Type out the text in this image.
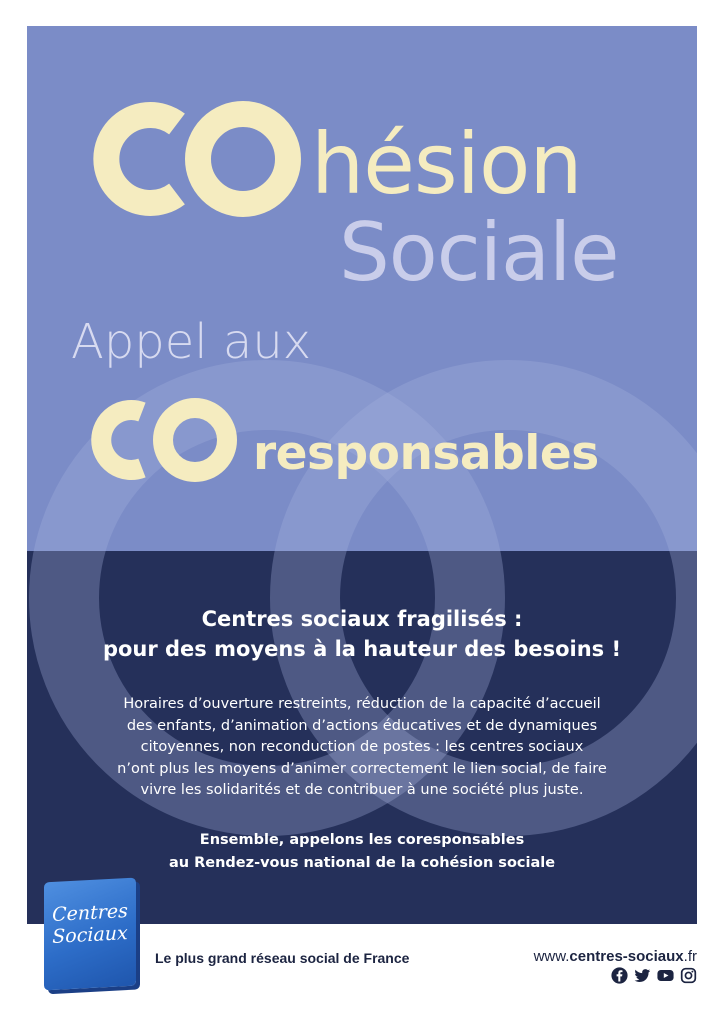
hésion
Sociale
Appel aux
responsables
Centres sociaux fragilisés :
pour des moyens à la hauteur des besoins !
Horaires d’ouverture restreints, réduction de la capacité d’accueil
des enfants, d’animation d’actions éducatives et de dynamiques
citoyennes, non reconduction de postes : les centres sociaux
n’ont plus les moyens d’animer correctement le lien social, de faire
vivre les solidarités et de contribuer à une société plus juste.
Ensemble, appelons les coresponsables
au Rendez-vous national de la cohésion sociale
Centres
Sociaux
Le plus grand réseau social de France	www.centres-sociaux.fr
